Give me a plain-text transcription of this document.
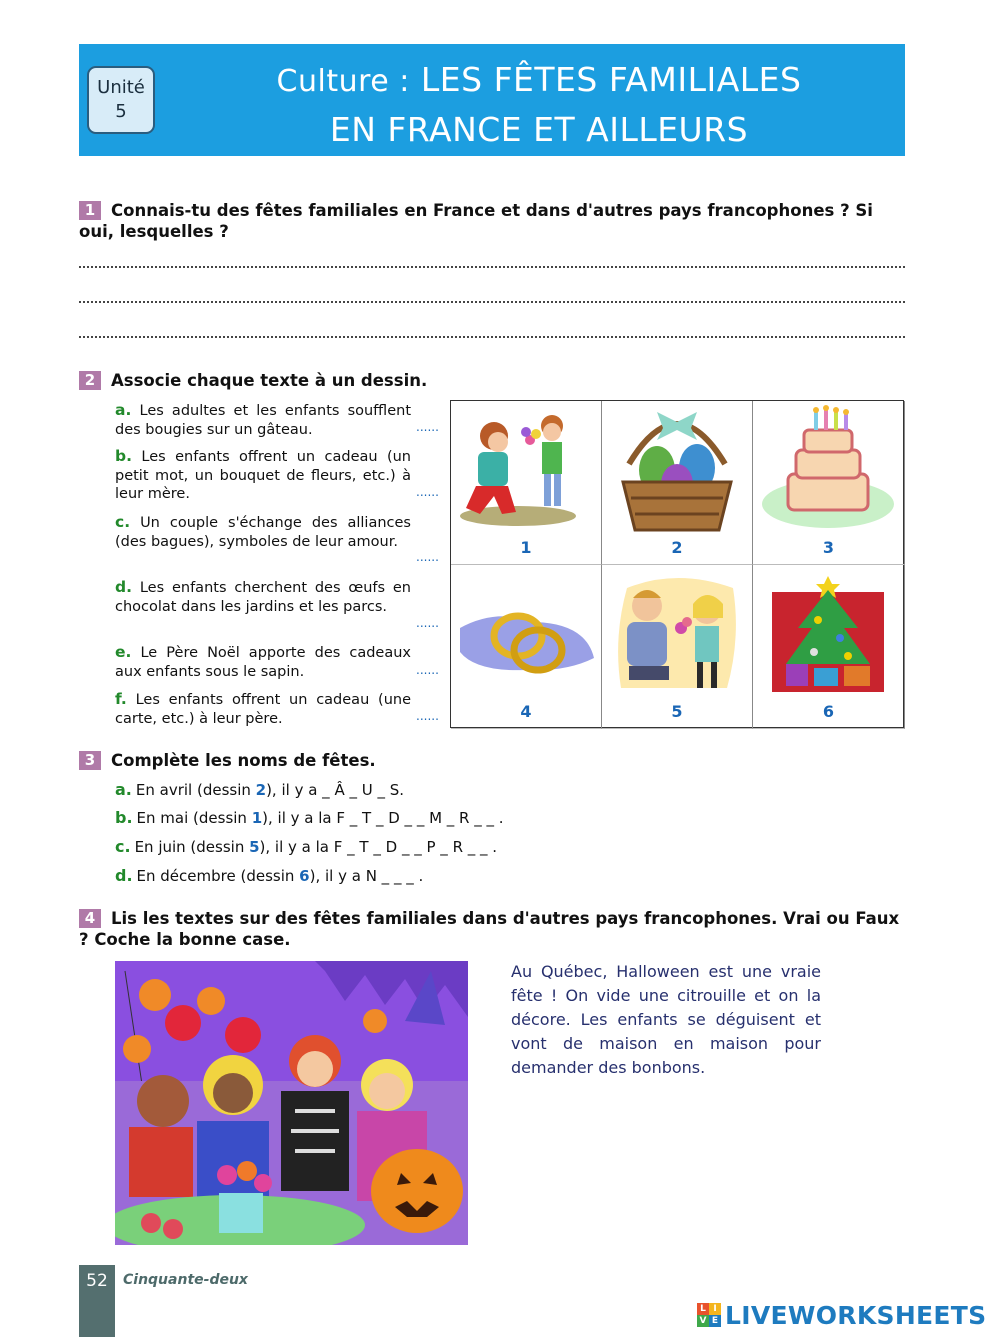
Unité
5
Culture : LES FÊTES FAMILIALES
EN FRANCE ET AILLEURS
1 Connais-tu des fêtes familiales en France et dans d'autres pays francophones ? Si oui, lesquelles ?
2 Associe chaque texte à un dessin.
a. Les adultes et les enfants soufflent des bougies sur un gâteau.	......
b. Les enfants offrent un cadeau (un petit mot, un bouquet de fleurs, etc.) à leur mère.	......
c. Un couple s'échange des alliances (des bagues), symboles de leur amour.
......
d. Les enfants cherchent des œufs en chocolat dans les jardins et les parcs.
......
e. Le Père Noël apporte des cadeaux aux enfants sous le sapin.	......
f. Les enfants offrent un cadeau (une carte, etc.) à leur père.	......
1	2	3
4	5	6
3 Complète les noms de fêtes.
a. En avril (dessin 2), il y a _ Â _ U _ S.
b. En mai (dessin 1), il y a la F _ T _ D _ _ M _ R _ _ .
c. En juin (dessin 5), il y a la F _ T _ D _ _ P _ R _ _ .
d. En décembre (dessin 6), il y a N _ _ _ .
4 Lis les textes sur des fêtes familiales dans d'autres pays francophones. Vrai ou Faux ? Coche la bonne case.
Au Québec, Halloween est une vraie fête ! On vide une citrouille et on la décore. Les enfants se déguisent et vont de maison en maison pour demander des bonbons.
52	Cinquante-deux
L I
V E LIVEWORKSHEETS
